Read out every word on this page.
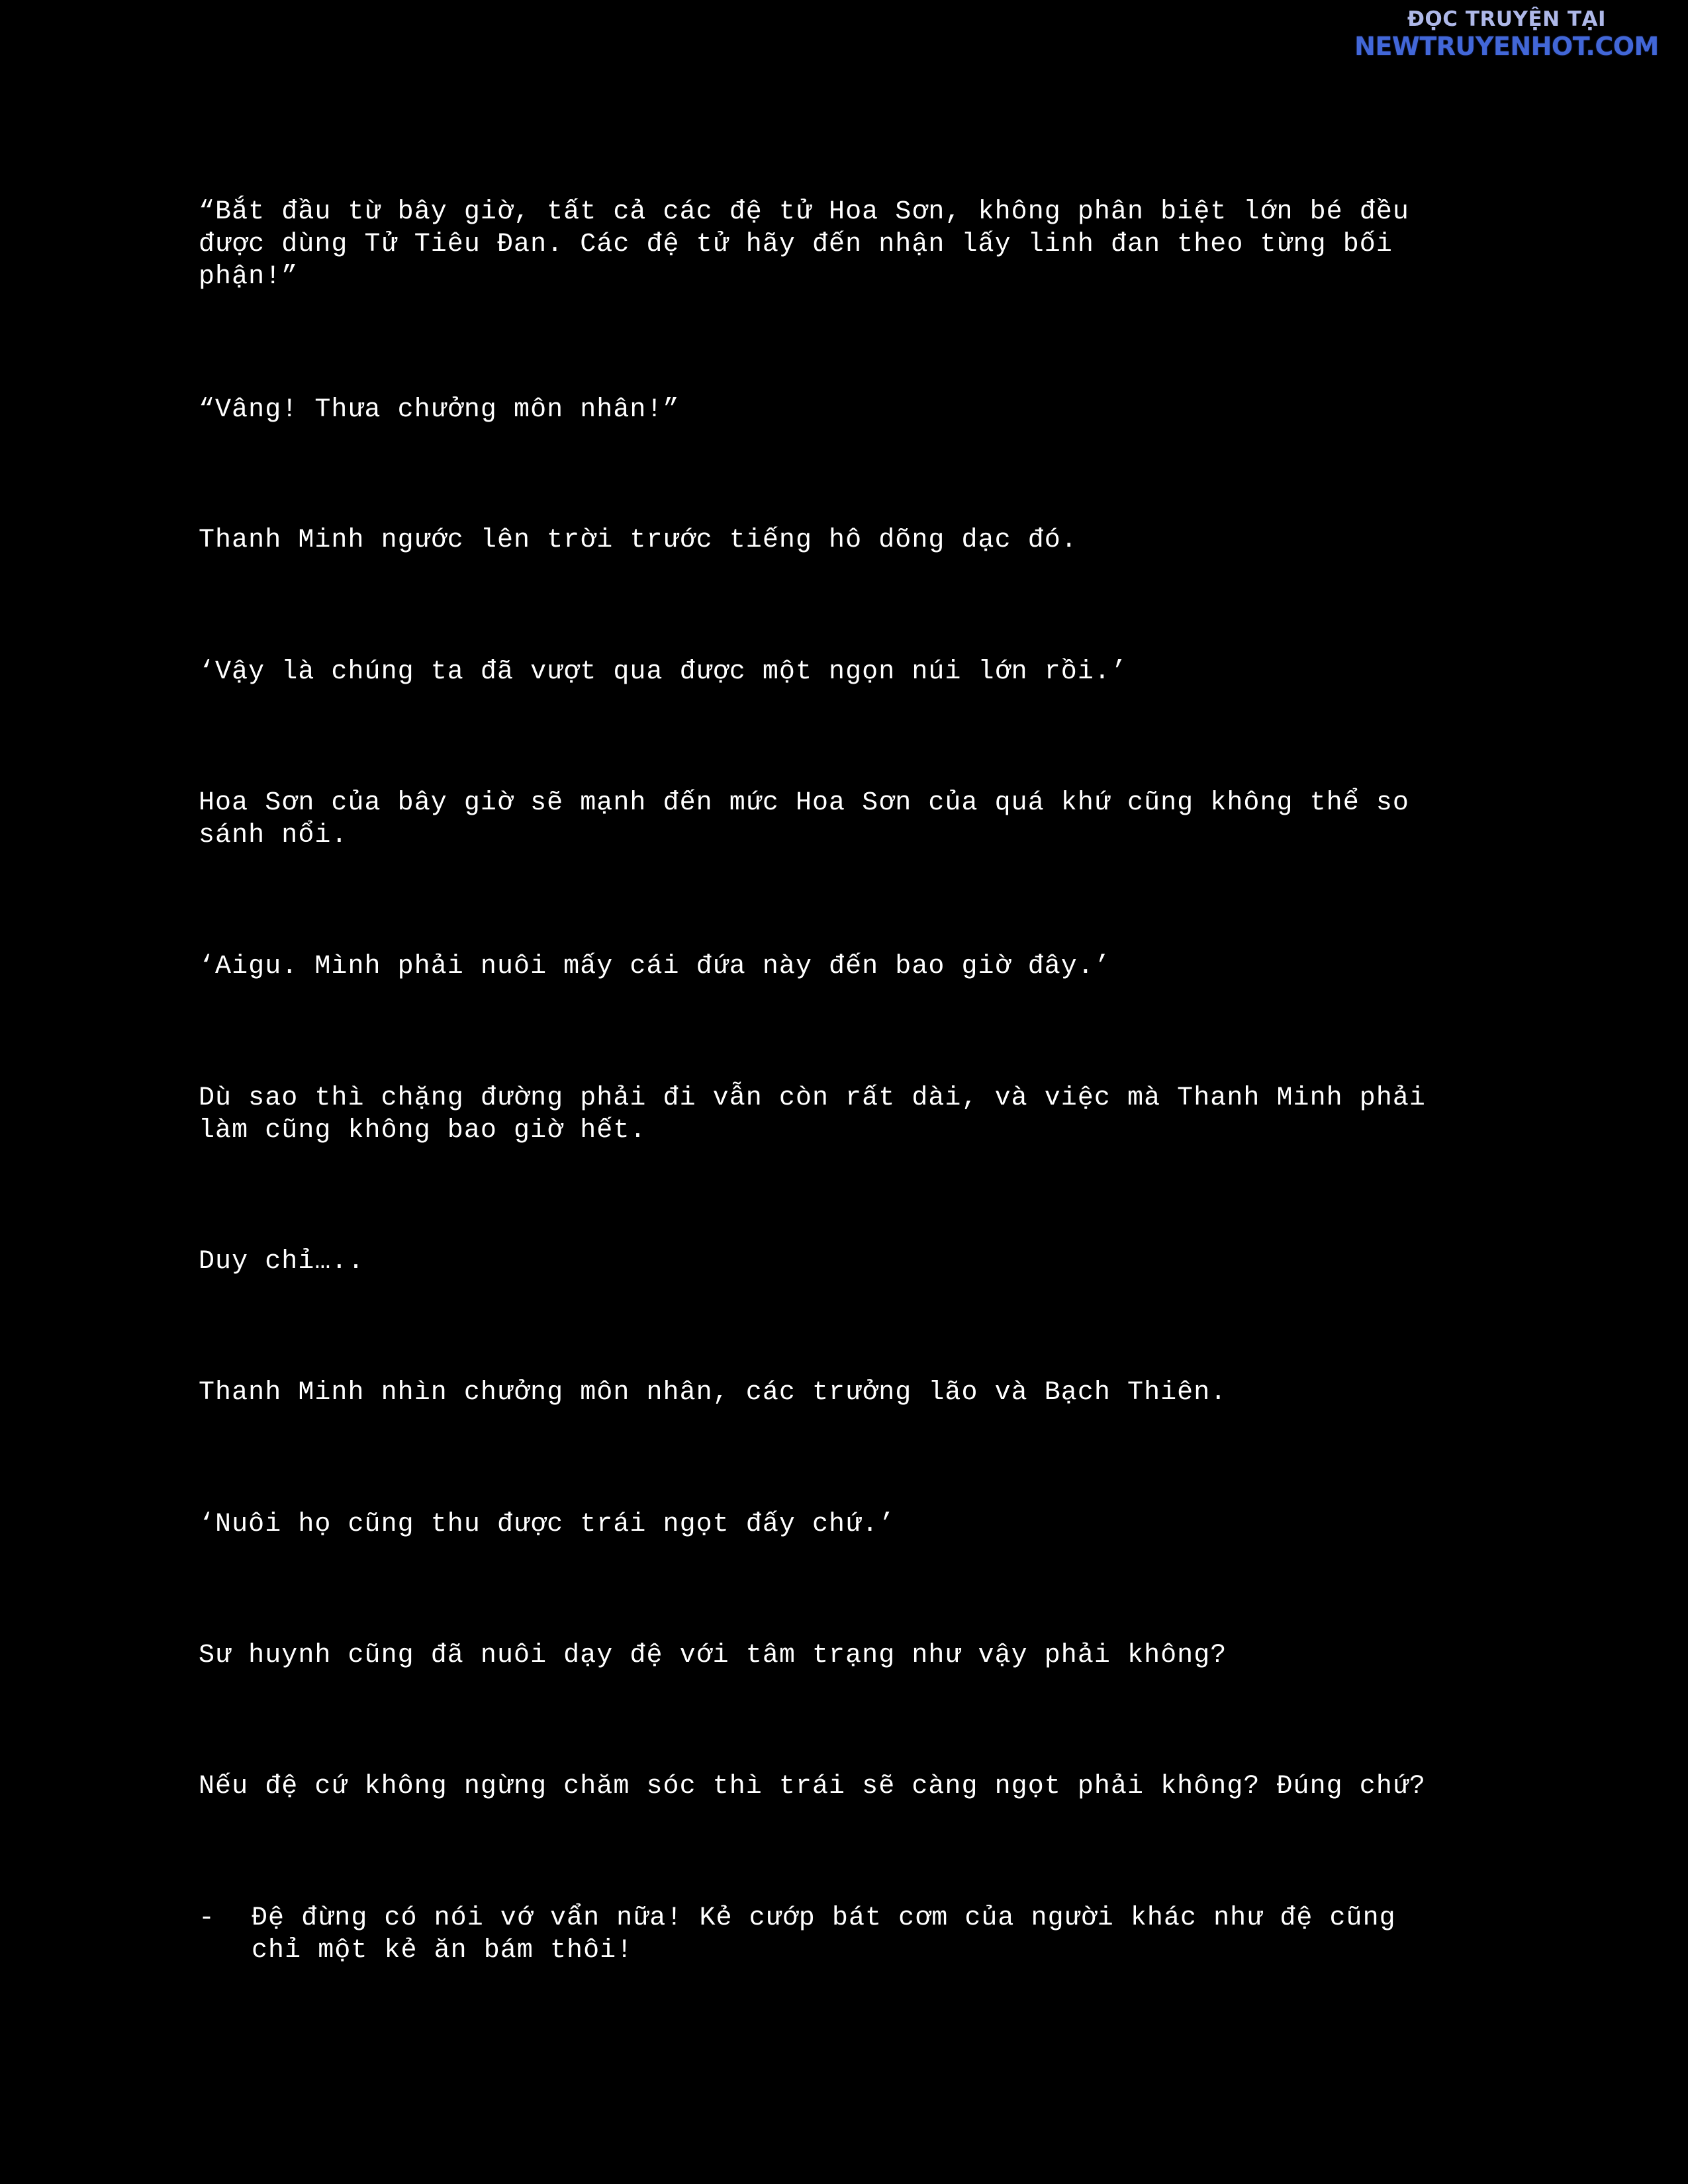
ĐỌC TRUYỆN TẠI
NEWTRUYENHOT.COM

“Bắt đầu từ bây giờ, tất cả các đệ tử Hoa Sơn, không phân biệt lớn bé đều
được dùng Tử Tiêu Đan. Các đệ tử hãy đến nhận lấy linh đan theo từng bối
phận!”

“Vâng! Thưa chưởng môn nhân!”

Thanh Minh ngước lên trời trước tiếng hô dõng dạc đó.

‘Vậy là chúng ta đã vượt qua được một ngọn núi lớn rồi.’

Hoa Sơn của bây giờ sẽ mạnh đến mức Hoa Sơn của quá khứ cũng không thể so
sánh nổi.

‘Aigu. Mình phải nuôi mấy cái đứa này đến bao giờ đây.’

Dù sao thì chặng đường phải đi vẫn còn rất dài, và việc mà Thanh Minh phải
làm cũng không bao giờ hết.

Duy chỉ…..

Thanh Minh nhìn chưởng môn nhân, các trưởng lão và Bạch Thiên.

‘Nuôi họ cũng thu được trái ngọt đấy chứ.’

Sư huynh cũng đã nuôi dạy đệ với tâm trạng như vậy phải không?

Nếu đệ cứ không ngừng chăm sóc thì trái sẽ càng ngọt phải không? Đúng chứ?

- Đệ đừng có nói vớ vẩn nữa! Kẻ cướp bát cơm của người khác như đệ cũng
chỉ một kẻ ăn bám thôi!
